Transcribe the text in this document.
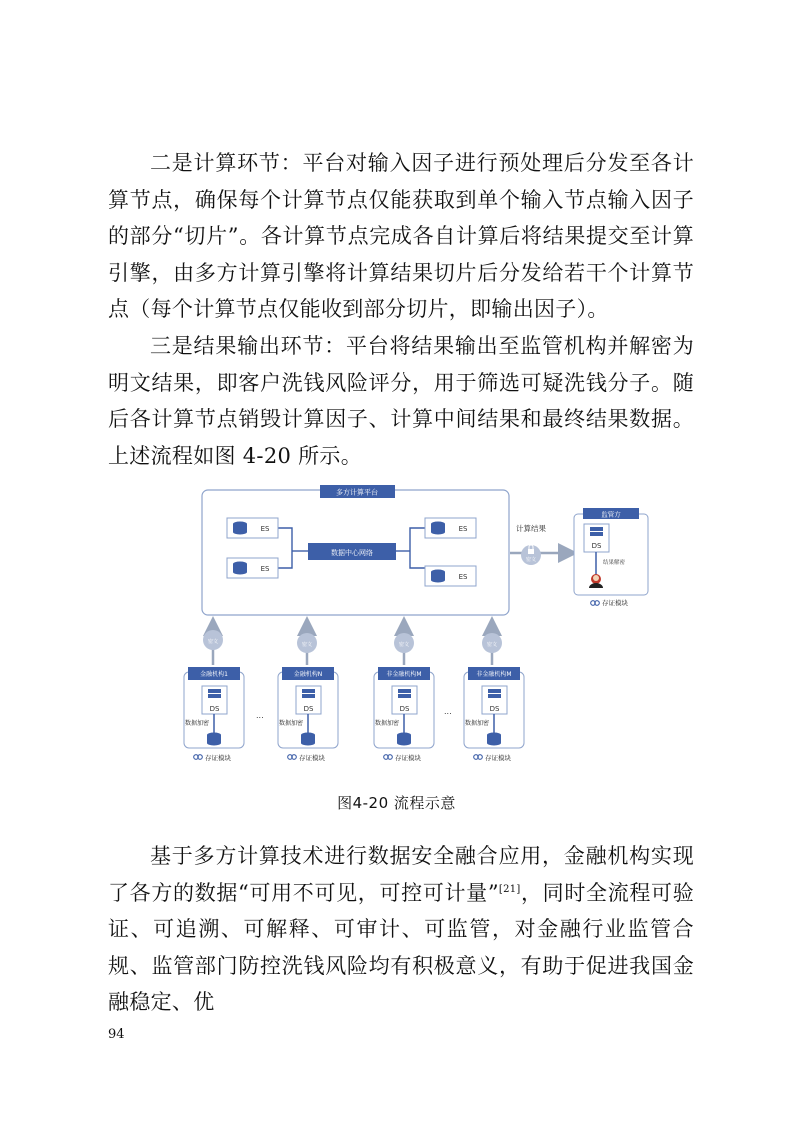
二是计算环节：平台对输入因子进行预处理后分发至各计算节点，确保每个计算节点仅能获取到单个输入节点输入因子的部分“切片”。各计算节点完成各自计算后将结果提交至计算引擎，由多方计算引擎将计算结果切片后分发给若干个计算节点（每个计算节点仅能收到部分切片，即输出因子）。

三是结果输出环节：平台将结果输出至监管机构并解密为明文结果，即客户洗钱风险评分，用于筛选可疑洗钱分子。随后各计算节点销毁计算因子、计算中间结果和最终结果数据。上述流程如图 4-20 所示。

多方计算平台
数据中心网络
ES
ES
ES
ES
计算结果
密文
监管方
DS
结果解密
存证模块
密文	密文	密文	密文
金融机构1
DS
数据加密
存证模块
...
金融机构N
DS
数据加密
存证模块
非金融机构M
DS
数据加密
存证模块
...
非金融机构M
DS
数据加密
存证模块
图4-20 流程示意

基于多方计算技术进行数据安全融合应用，金融机构实现了各方的数据“可用不可见，可控可计量”[21]，同时全流程可验证、可追溯、可解释、可审计、可监管，对金融行业监管合规、监管部门防控洗钱风险均有积极意义，有助于促进我国金融稳定、优

94
